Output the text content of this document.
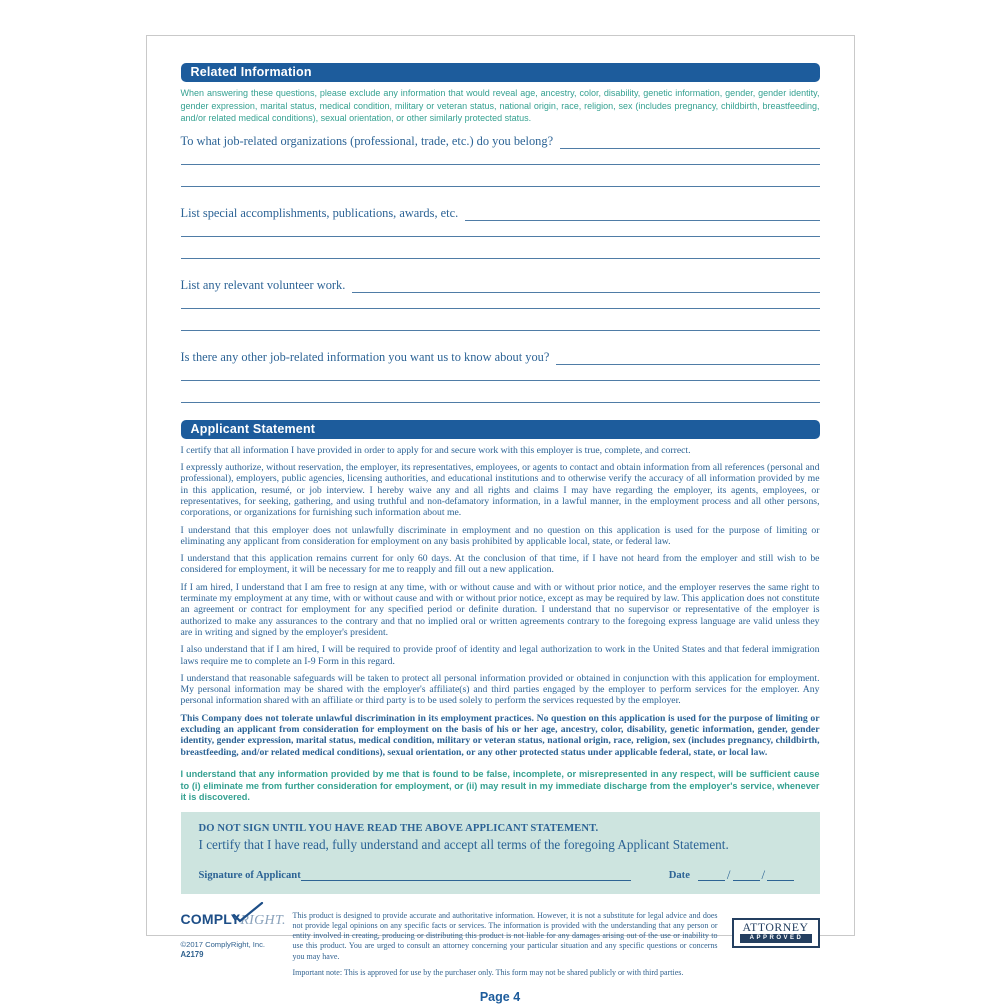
Related Information
When answering these questions, please exclude any information that would reveal age, ancestry, color, disability, genetic information, gender, gender identity, gender expression, marital status, medical condition, military or veteran status, national origin, race, religion, sex (includes pregnancy, childbirth, breastfeeding, and/or related medical conditions), sexual orientation, or other similarly protected status.
To what job-related organizations (professional, trade, etc.) do you belong?
List special accomplishments, publications, awards, etc.
List any relevant volunteer work.
Is there any other job-related information you want us to know about you?
Applicant Statement

I certify that all information I have provided in order to apply for and secure work with this employer is true, complete, and correct.

I expressly authorize, without reservation, the employer, its representatives, employees, or agents to contact and obtain information from all references (personal and professional), employers, public agencies, licensing authorities, and educational institutions and to otherwise verify the accuracy of all information provided by me in this application, resumé, or job interview. I hereby waive any and all rights and claims I may have regarding the employer, its agents, employees, or representatives, for seeking, gathering, and using truthful and non-defamatory information, in a lawful manner, in the employment process and all other persons, corporations, or organizations for furnishing such information about me.

I understand that this employer does not unlawfully discriminate in employment and no question on this application is used for the purpose of limiting or eliminating any applicant from consideration for employment on any basis prohibited by applicable local, state, or federal law.

I understand that this application remains current for only 60 days. At the conclusion of that time, if I have not heard from the employer and still wish to be considered for employment, it will be necessary for me to reapply and fill out a new application.

If I am hired, I understand that I am free to resign at any time, with or without cause and with or without prior notice, and the employer reserves the same right to terminate my employment at any time, with or without cause and with or without prior notice, except as may be required by law. This application does not constitute an agreement or contract for employment for any specified period or definite duration. I understand that no supervisor or representative of the employer is authorized to make any assurances to the contrary and that no implied oral or written agreements contrary to the foregoing express language are valid unless they are in writing and signed by the employer's president.

I also understand that if I am hired, I will be required to provide proof of identity and legal authorization to work in the United States and that federal immigration laws require me to complete an I-9 Form in this regard.

I understand that reasonable safeguards will be taken to protect all personal information provided or obtained in conjunction with this application for employment. My personal information may be shared with the employer's affiliate(s) and third parties engaged by the employer to perform services for the employer. Any personal information shared with an affiliate or third party is to be used solely to perform the services requested by the employer.

This Company does not tolerate unlawful discrimination in its employment practices. No question on this application is used for the purpose of limiting or excluding an applicant from consideration for employment on the basis of his or her age, ancestry, color, disability, genetic information, gender, gender identity, gender expression, marital status, medical condition, military or veteran status, national origin, race, religion, sex (includes pregnancy, childbirth, breastfeeding, and/or related medical conditions), sexual orientation, or any other protected status under applicable federal, state, or local law.

I understand that any information provided by me that is found to be false, incomplete, or misrepresented in any respect, will be sufficient cause to (i) eliminate me from further consideration for employment, or (ii) may result in my immediate discharge from the employer's service, whenever it is discovered.

DO NOT SIGN UNTIL YOU HAVE READ THE ABOVE APPLICANT STATEMENT.
I certify that I have read, fully understand and accept all terms of the foregoing Applicant Statement.
Signature of Applicant	Date	/ /
COMPLYRIGHT.
©2017 ComplyRight, Inc.
A2179
This product is designed to provide accurate and authoritative information. However, it is not a substitute for legal advice and does not provide legal opinions on any specific facts or services. The information is provided with the understanding that any person or entity involved in creating, producing or distributing this product is not liable for any damages arising out of the use or inability to use this product. You are urged to consult an attorney concerning your particular situation and any specific questions or concerns you may have.
Important note: This is approved for use by the purchaser only. This form may not be shared publicly or with third parties.
ATTORNEY
APPROVED
Page 4
